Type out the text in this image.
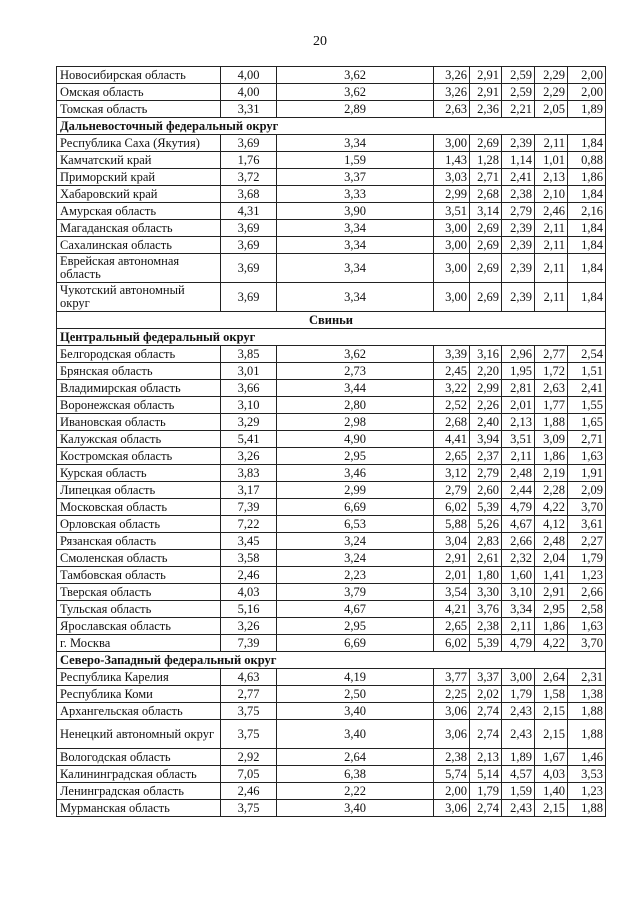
20
Новосибирская область	4,00	3,62	3,26	2,91	2,59	2,29	2,00
Омская область	4,00	3,62	3,26	2,91	2,59	2,29	2,00
Томская область	3,31	2,89	2,63	2,36	2,21	2,05	1,89
Дальневосточный федеральный округ							
Республика Саха (Якутия)	3,69	3,34	3,00	2,69	2,39	2,11	1,84
Камчатский край	1,76	1,59	1,43	1,28	1,14	1,01	0,88
Приморский край	3,72	3,37	3,03	2,71	2,41	2,13	1,86
Хабаровский край	3,68	3,33	2,99	2,68	2,38	2,10	1,84
Амурская область	4,31	3,90	3,51	3,14	2,79	2,46	2,16
Магаданская область	3,69	3,34	3,00	2,69	2,39	2,11	1,84
Сахалинская область	3,69	3,34	3,00	2,69	2,39	2,11	1,84
Еврейская автономная область	3,69	3,34	3,00	2,69	2,39	2,11	1,84
Чукотский автономный округ	3,69	3,34	3,00	2,69	2,39	2,11	1,84
Свиньи							
Центральный федеральный округ							
Белгородская область	3,85	3,62	3,39	3,16	2,96	2,77	2,54
Брянская область	3,01	2,73	2,45	2,20	1,95	1,72	1,51
Владимирская область	3,66	3,44	3,22	2,99	2,81	2,63	2,41
Воронежская область	3,10	2,80	2,52	2,26	2,01	1,77	1,55
Ивановская область	3,29	2,98	2,68	2,40	2,13	1,88	1,65
Калужская область	5,41	4,90	4,41	3,94	3,51	3,09	2,71
Костромская область	3,26	2,95	2,65	2,37	2,11	1,86	1,63
Курская область	3,83	3,46	3,12	2,79	2,48	2,19	1,91
Липецкая область	3,17	2,99	2,79	2,60	2,44	2,28	2,09
Московская область	7,39	6,69	6,02	5,39	4,79	4,22	3,70
Орловская область	7,22	6,53	5,88	5,26	4,67	4,12	3,61
Рязанская область	3,45	3,24	3,04	2,83	2,66	2,48	2,27
Смоленская область	3,58	3,24	2,91	2,61	2,32	2,04	1,79
Тамбовская область	2,46	2,23	2,01	1,80	1,60	1,41	1,23
Тверская область	4,03	3,79	3,54	3,30	3,10	2,91	2,66
Тульская область	5,16	4,67	4,21	3,76	3,34	2,95	2,58
Ярославская область	3,26	2,95	2,65	2,38	2,11	1,86	1,63
г. Москва	7,39	6,69	6,02	5,39	4,79	4,22	3,70
Северо-Западный федеральный округ							
Республика Карелия	4,63	4,19	3,77	3,37	3,00	2,64	2,31
Республика Коми	2,77	2,50	2,25	2,02	1,79	1,58	1,38
Архангельская область	3,75	3,40	3,06	2,74	2,43	2,15	1,88
Ненецкий автономный округ	3,75	3,40	3,06	2,74	2,43	2,15	1,88
Вологодская область	2,92	2,64	2,38	2,13	1,89	1,67	1,46
Калининградская область	7,05	6,38	5,74	5,14	4,57	4,03	3,53
Ленинградская область	2,46	2,22	2,00	1,79	1,59	1,40	1,23
Мурманская область	3,75	3,40	3,06	2,74	2,43	2,15	1,88
